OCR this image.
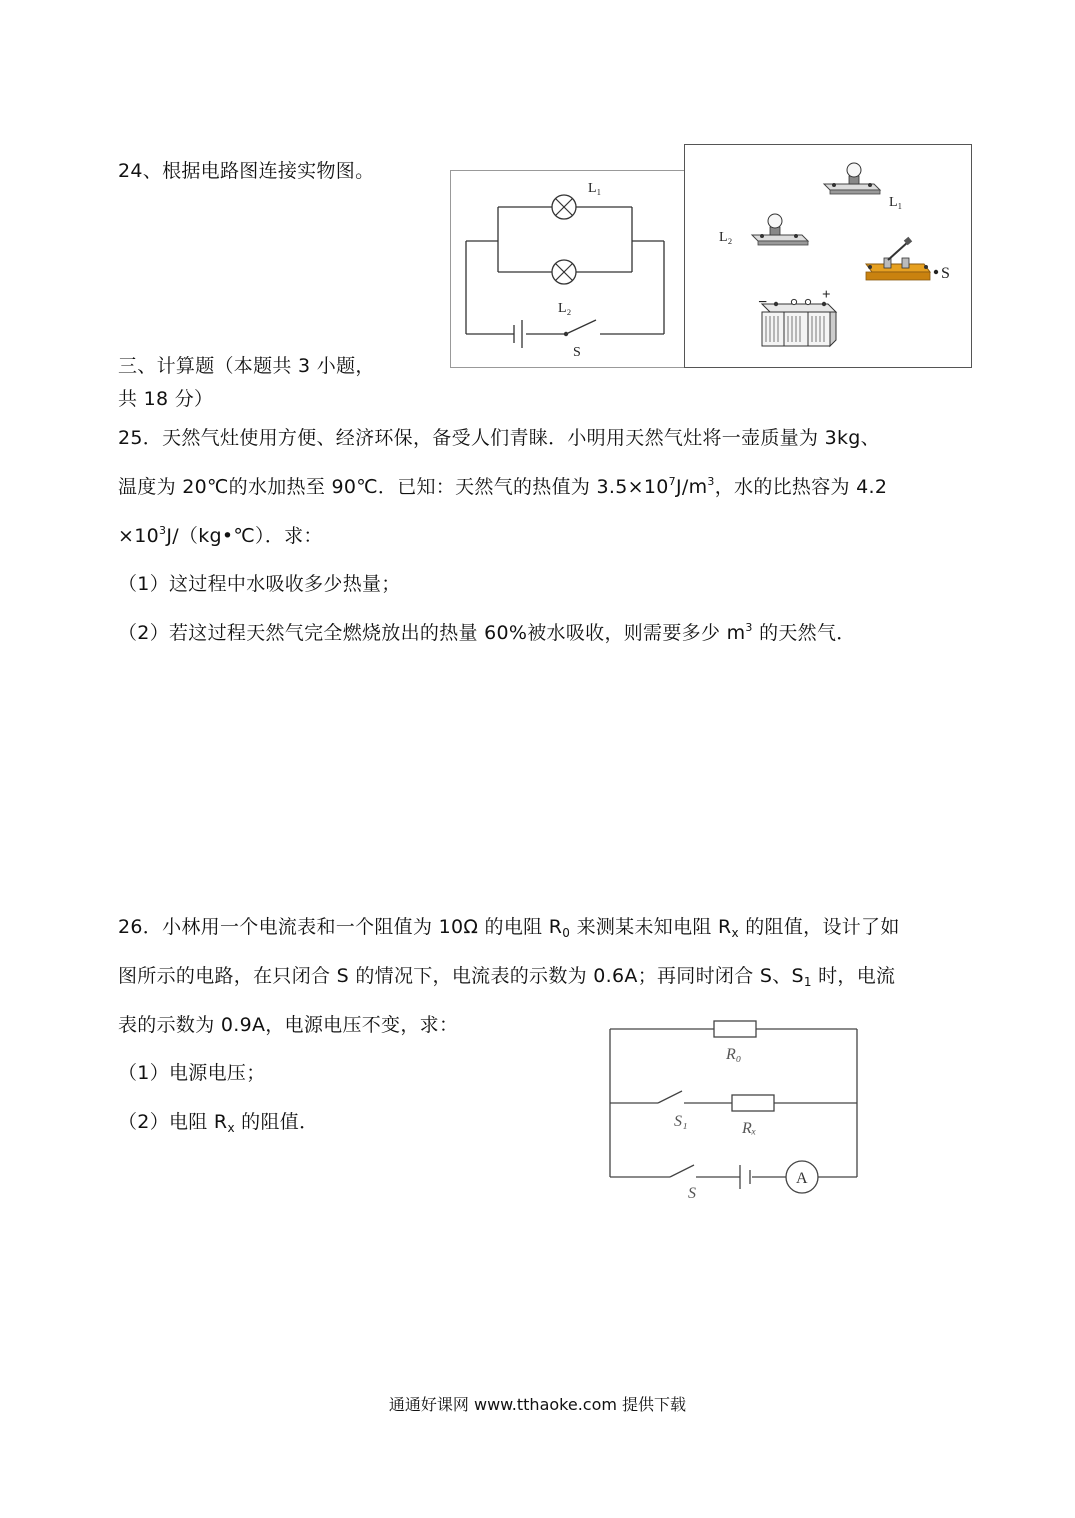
24、根据电路图连接实物图。
L₁
L₂
S
L₁
L₂
S
−	+
三、计算题（本题共 3 小题，
共 18 分）
25．天然气灶使用方便、经济环保，备受人们青睐．小明用天然气灶将一壶质量为 3kg、
温度为 20℃的水加热至 90℃．已知：天然气的热值为 $3.5\times 10^7J/m^3$，水的比热容为 4.2
$\times 10^3J/(kg•℃)$．求：
（1）这过程中水吸收多少热量；
（2）若这过程天然气完全燃烧放出的热量 60%被水吸收，则需要多少 $m^3$ 的天然气．
26．小林用一个电流表和一个阻值为 10Ω 的电阻 $R_0$ 来测某未知电阻 $R_x$ 的阻值，设计了如
图所示的电路，在只闭合 S 的情况下，电流表的示数为 0.6A；再同时闭合 S、$S_1$ 时，电流
表的示数为 0.9A，电源电压不变，求：
（1）电源电压；
（2）电阻 $R_x$ 的阻值．
A
R₀
Rₓ
S₁
S
通通好课网 www.tthaoke.com 提供下载
